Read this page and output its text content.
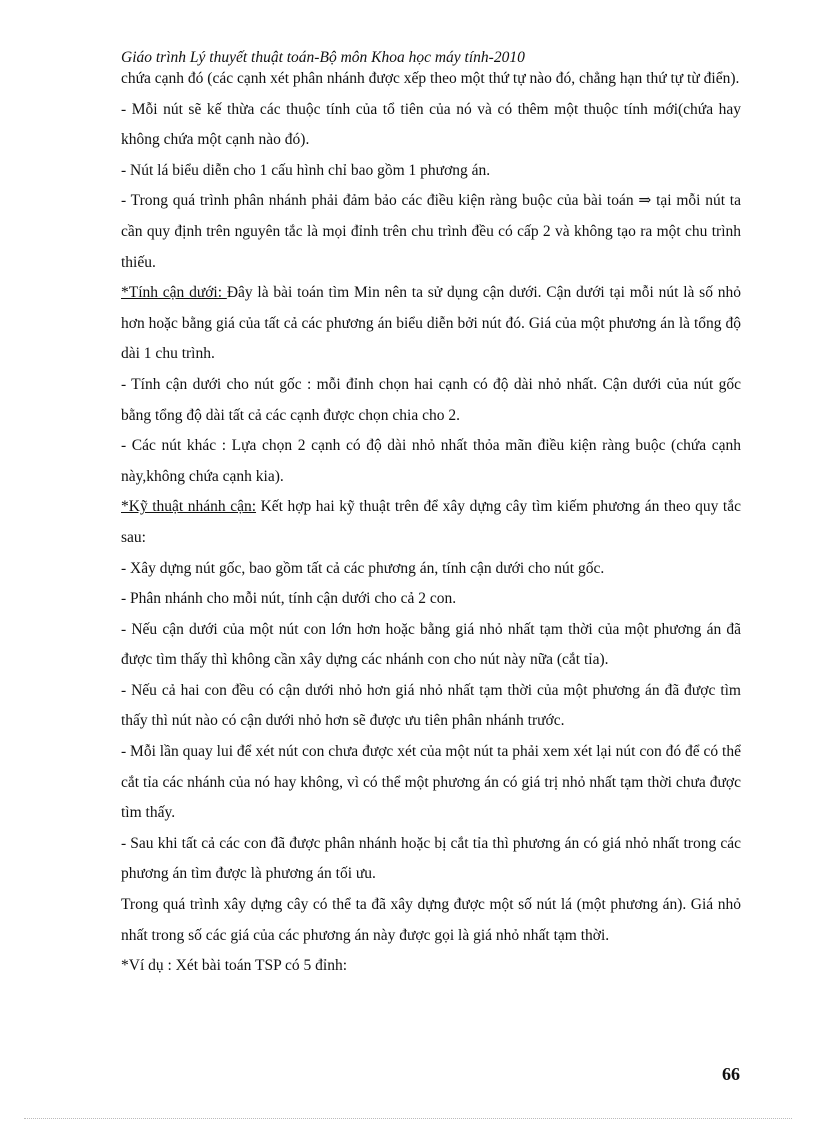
Giáo trình Lý thuyết thuật toán-Bộ môn Khoa học máy tính-2010

chứa cạnh đó (các cạnh xét phân nhánh được xếp theo một thứ tự nào đó, chẳng hạn thứ tự từ điển).

- Mỗi nút sẽ kế thừa các thuộc tính của tổ tiên của nó và có thêm một thuộc tính mới(chứa hay không chứa một cạnh nào đó).

- Nút lá biểu diễn cho 1 cấu hình chỉ bao gồm 1 phương án.

- Trong quá trình phân nhánh phải đảm bảo các điều kiện ràng buộc của bài toán ⇒ tại mỗi nút ta cần quy định trên nguyên tắc là mọi đỉnh trên chu trình đều có cấp 2 và không tạo ra một chu trình thiếu.

*Tính cận dưới: Đây là bài toán tìm Min nên ta sử dụng cận dưới. Cận dưới tại mỗi nút là số nhỏ hơn hoặc bằng giá của tất cả các phương án biểu diễn bởi nút đó. Giá của một phương án là tổng độ dài 1 chu trình.

- Tính cận dưới cho nút gốc : mỗi đỉnh chọn hai cạnh có độ dài nhỏ nhất. Cận dưới của nút gốc bằng tổng độ dài tất cả các cạnh được chọn chia cho 2.

- Các nút khác : Lựa chọn 2 cạnh có độ dài nhỏ nhất thỏa mãn điều kiện ràng buộc (chứa cạnh này,không chứa cạnh kia).

*Kỹ thuật nhánh cận: Kết hợp hai kỹ thuật trên để xây dựng cây tìm kiếm phương án theo quy tắc sau:

- Xây dựng nút gốc, bao gồm tất cả các phương án, tính cận dưới cho nút gốc.

- Phân nhánh cho mỗi nút, tính cận dưới cho cả 2 con.

- Nếu cận dưới của một nút con lớn hơn hoặc bằng giá nhỏ nhất tạm thời của một phương án đã được tìm thấy thì không cần xây dựng các nhánh con cho nút này nữa (cắt tỉa).

- Nếu cả hai con đều có cận dưới nhỏ hơn giá nhỏ nhất tạm thời của một phương án đã được tìm thấy thì nút nào có cận dưới nhỏ hơn sẽ được ưu tiên phân nhánh trước.

- Mỗi lần quay lui để xét nút con chưa được xét của một nút ta phải xem xét lại nút con đó để có thể cắt tỉa các nhánh của nó hay không, vì có thể một phương án có giá trị nhỏ nhất tạm thời chưa được tìm thấy.

- Sau khi tất cả các con đã được phân nhánh hoặc bị cắt tỉa thì phương án có giá nhỏ nhất trong các phương án tìm được là phương án tối ưu.

Trong quá trình xây dựng cây có thể ta đã xây dựng được một số nút lá (một phương án). Giá nhỏ nhất trong số các giá của các phương án này được gọi là giá nhỏ nhất tạm thời.

*Ví dụ : Xét bài toán TSP có 5 đỉnh:

66
